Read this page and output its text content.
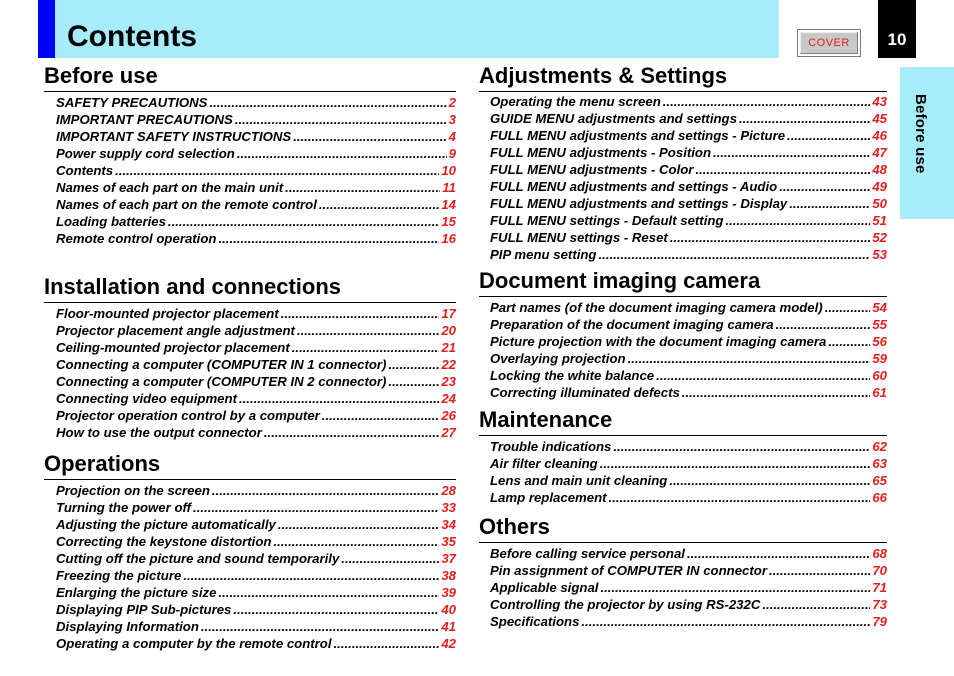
Contents	COVER	10
Before use
Before use
SAFETY PRECAUTIONS .....	2
IMPORTANT PRECAUTIONS .....	3
IMPORTANT SAFETY INSTRUCTIONS .....	4
Power supply cord selection .....	9
Contents .....	10
Names of each part on the main unit .....	11
Names of each part on the remote control .....	14
Loading batteries .....	15
Remote control operation .....	16
Installation and connections
Floor-mounted projector placement .....	17
Projector placement angle adjustment .....	20
Ceiling-mounted projector placement .....	21
Connecting a computer (COMPUTER IN 1 connector) .....	22
Connecting a computer (COMPUTER IN 2 connector) .....	23
Connecting video equipment .....	24
Projector operation control by a computer .....	26
How to use the output connector .....	27
Operations
Projection on the screen .....	28
Turning the power off .....	33
Adjusting the picture automatically .....	34
Correcting the keystone distortion .....	35
Cutting off the picture and sound temporarily .....	37
Freezing the picture .....	38
Enlarging the picture size .....	39
Displaying PIP Sub-pictures .....	40
Displaying Information .....	41
Operating a computer by the remote control .....	42
Adjustments & Settings
Operating the menu screen .....	43
GUIDE MENU adjustments and settings .....	45
FULL MENU adjustments and settings - Picture .....	46
FULL MENU adjustments - Position .....	47
FULL MENU adjustments - Color .....	48
FULL MENU adjustments and settings - Audio .....	49
FULL MENU adjustments and settings - Display .....	50
FULL MENU settings - Default setting .....	51
FULL MENU settings - Reset .....	52
PIP menu setting .....	53
Document imaging camera
Part names (of the document imaging camera model) .....	54
Preparation of the document imaging camera .....	55
Picture projection with the document imaging camera .....	56
Overlaying projection .....	59
Locking the white balance .....	60
Correcting illuminated defects .....	61
Maintenance
Trouble indications .....	62
Air filter cleaning .....	63
Lens and main unit cleaning .....	65
Lamp replacement .....	66
Others
Before calling service personal .....	68
Pin assignment of COMPUTER IN connector .....	70
Applicable signal .....	71
Controlling the projector by using RS-232C .....	73
Specifications .....	79
